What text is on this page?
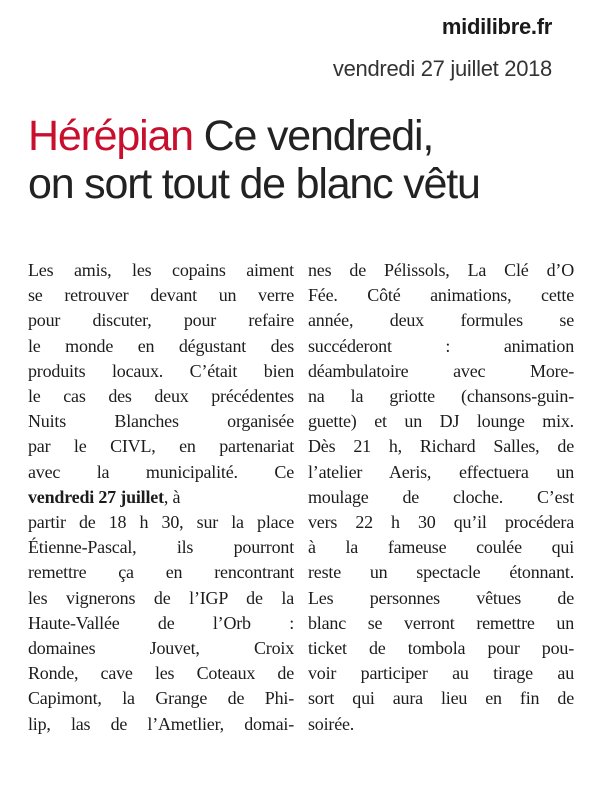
midilibre.fr
vendredi 27 juillet 2018
Hérépian Ce vendredi,
on sort tout de blanc vêtu
Les amis, les copains aiment
se retrouver devant un verre
pour discuter, pour refaire
le monde en dégustant des
produits locaux. C’était bien
le cas des deux précédentes
Nuits Blanches organisée
par le CIVL, en partenariat
avec la municipalité. Ce
vendredi 27 juillet, à
partir de 18 h 30, sur la place
Étienne-Pascal, ils pourront
remettre ça en rencontrant
les vignerons de l’IGP de la
Haute-Vallée de l’Orb :
domaines Jouvet, Croix
Ronde, cave les Coteaux de
Capimont, la Grange de Phi-
lip, las de l’Ametlier, domai-
nes de Pélissols, La Clé d’O
Fée. Côté animations, cette
année, deux formules se
succéderont : animation
déambulatoire avec More-
na la griotte (chansons-guin-
guette) et un DJ lounge mix.
Dès 21 h, Richard Salles, de
l’atelier Aeris, effectuera un
moulage de cloche. C’est
vers 22 h 30 qu’il procédera
à la fameuse coulée qui
reste un spectacle étonnant.
Les personnes vêtues de
blanc se verront remettre un
ticket de tombola pour pou-
voir participer au tirage au
sort qui aura lieu en fin de
soirée.
